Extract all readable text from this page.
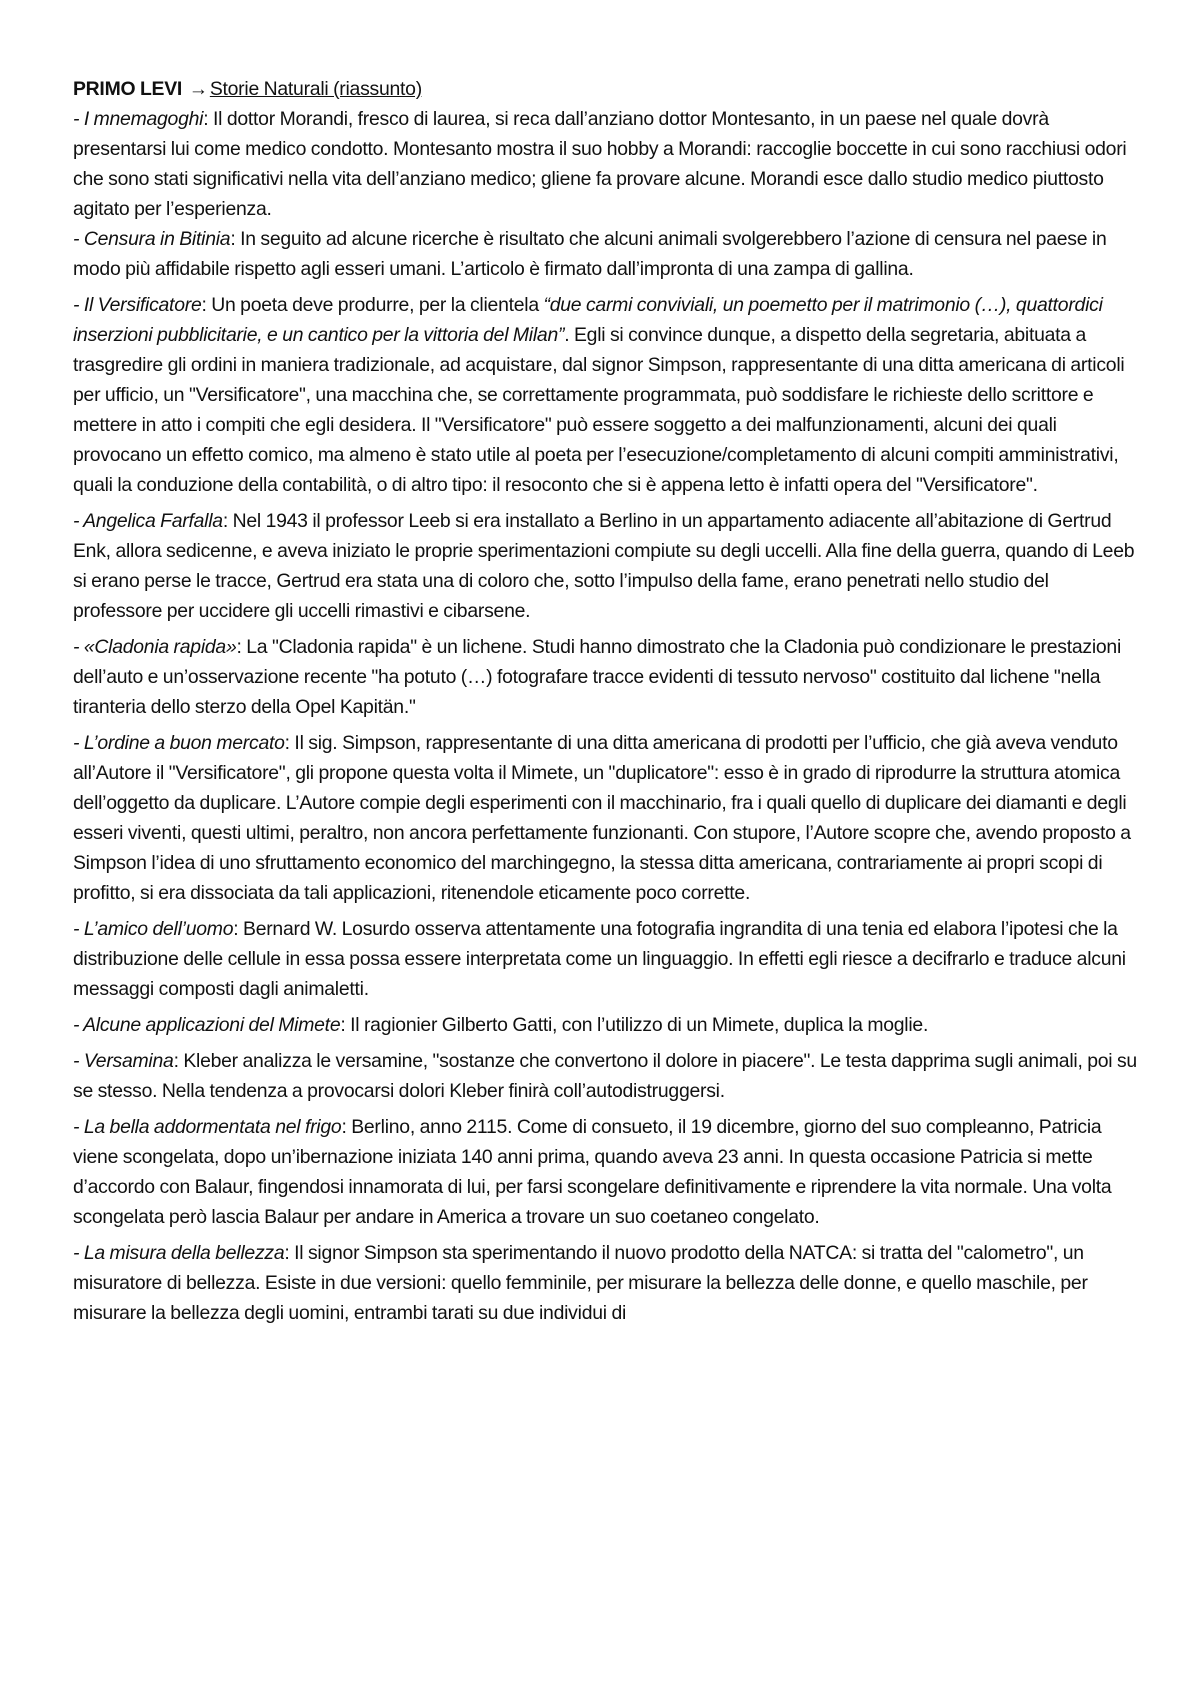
PRIMO LEVI → Storie Naturali (riassunto)

- I mnemagoghi: Il dottor Morandi, fresco di laurea, si reca dall’anziano dottor Montesanto, in un paese nel quale dovrà presentarsi lui come medico condotto. Montesanto mostra il suo hobby a Morandi: raccoglie boccette in cui sono racchiusi odori che sono stati significativi nella vita dell’anziano medico; gliene fa provare alcune. Morandi esce dallo studio medico piuttosto agitato per l’esperienza.

- Censura in Bitinia: In seguito ad alcune ricerche è risultato che alcuni animali svolgerebbero l’azione di censura nel paese in modo più affidabile rispetto agli esseri umani. L’articolo è firmato dall’impronta di una zampa di gallina.

- Il Versificatore: Un poeta deve produrre, per la clientela “due carmi conviviali, un poemetto per il matrimonio (…), quattordici inserzioni pubblicitarie, e un cantico per la vittoria del Milan”. Egli si convince dunque, a dispetto della segretaria, abituata a trasgredire gli ordini in maniera tradizionale, ad acquistare, dal signor Simpson, rappresentante di una ditta americana di articoli per ufficio, un "Versificatore", una macchina che, se correttamente programmata, può soddisfare le richieste dello scrittore e mettere in atto i compiti che egli desidera. Il "Versificatore" può essere soggetto a dei malfunzionamenti, alcuni dei quali provocano un effetto comico, ma almeno è stato utile al poeta per l’esecuzione/completamento di alcuni compiti amministrativi, quali la conduzione della contabilità, o di altro tipo: il resoconto che si è appena letto è infatti opera del "Versificatore".

- Angelica Farfalla: Nel 1943 il professor Leeb si era installato a Berlino in un appartamento adiacente all’abitazione di Gertrud Enk, allora sedicenne, e aveva iniziato le proprie sperimentazioni compiute su degli uccelli. Alla fine della guerra, quando di Leeb si erano perse le tracce, Gertrud era stata una di coloro che, sotto l’impulso della fame, erano penetrati nello studio del professore per uccidere gli uccelli rimastivi e cibarsene.

- «Cladonia rapida»: La "Cladonia rapida" è un lichene. Studi hanno dimostrato che la Cladonia può condizionare le prestazioni dell’auto e un’osservazione recente "ha potuto (…) fotografare tracce evidenti di tessuto nervoso" costituito dal lichene "nella tiranteria dello sterzo della Opel Kapitän."

- L’ordine a buon mercato: Il sig. Simpson, rappresentante di una ditta americana di prodotti per l’ufficio, che già aveva venduto all’Autore il "Versificatore", gli propone questa volta il Mimete, un "duplicatore": esso è in grado di riprodurre la struttura atomica dell’oggetto da duplicare. L’Autore compie degli esperimenti con il macchinario, fra i quali quello di duplicare dei diamanti e degli esseri viventi, questi ultimi, peraltro, non ancora perfettamente funzionanti. Con stupore, l’Autore scopre che, avendo proposto a Simpson l’idea di uno sfruttamento economico del marchingegno, la stessa ditta americana, contrariamente ai propri scopi di profitto, si era dissociata da tali applicazioni, ritenendole eticamente poco corrette.

- L’amico dell’uomo: Bernard W. Losurdo osserva attentamente una fotografia ingrandita di una tenia ed elabora l’ipotesi che la distribuzione delle cellule in essa possa essere interpretata come un linguaggio. In effetti egli riesce a decifrarlo e traduce alcuni messaggi composti dagli animaletti.

- Alcune applicazioni del Mimete: Il ragionier Gilberto Gatti, con l’utilizzo di un Mimete, duplica la moglie.

- Versamina: Kleber analizza le versamine, "sostanze che convertono il dolore in piacere". Le testa dapprima sugli animali, poi su se stesso. Nella tendenza a provocarsi dolori Kleber finirà coll’autodistruggersi.

- La bella addormentata nel frigo: Berlino, anno 2115. Come di consueto, il 19 dicembre, giorno del suo compleanno, Patricia viene scongelata, dopo un’ibernazione iniziata 140 anni prima, quando aveva 23 anni. In questa occasione Patricia si mette d’accordo con Balaur, fingendosi innamorata di lui, per farsi scongelare definitivamente e riprendere la vita normale. Una volta scongelata però lascia Balaur per andare in America a trovare un suo coetaneo congelato.

- La misura della bellezza: Il signor Simpson sta sperimentando il nuovo prodotto della NATCA: si tratta del "calometro", un misuratore di bellezza. Esiste in due versioni: quello femminile, per misurare la bellezza delle donne, e quello maschile, per misurare la bellezza degli uomini, entrambi tarati su due individui di
